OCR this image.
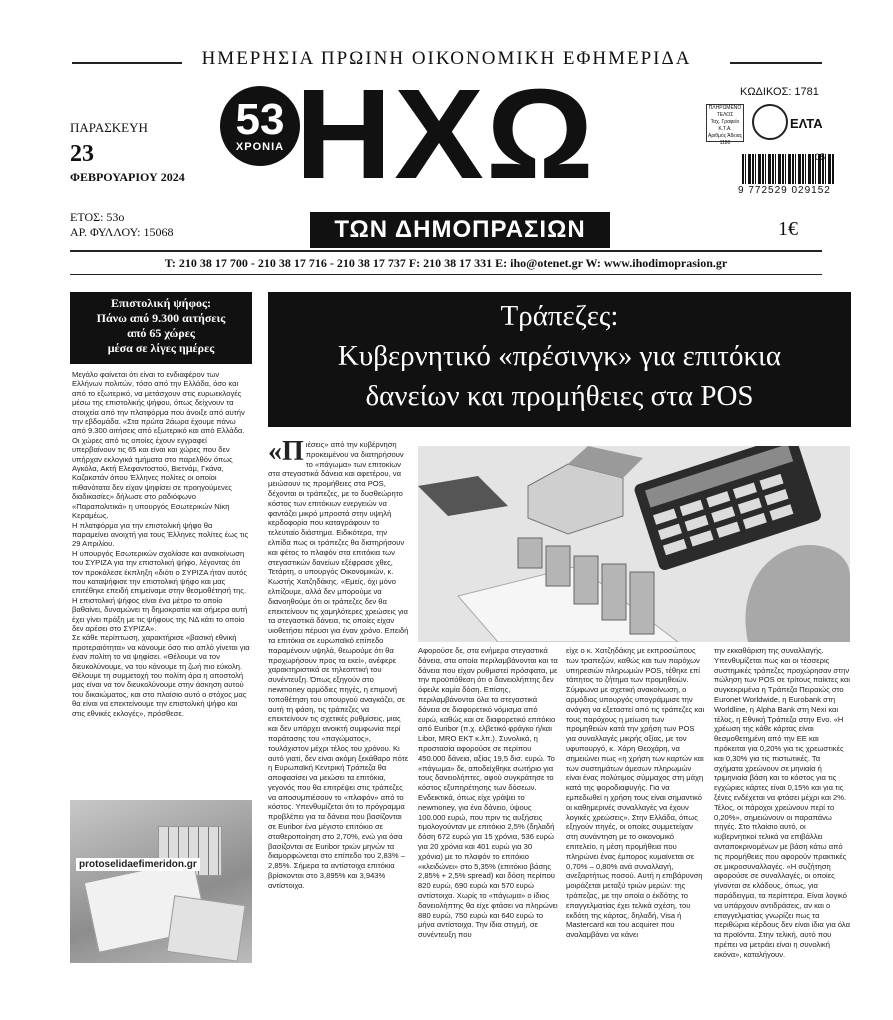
ΗΜΕΡΗΣΙΑ ΠΡΩΙΝΗ ΟΙΚΟΝΟΜΙΚΗ ΕΦΗΜΕΡΙΔΑ
ΠΑΡΑΣΚΕΥΗ
23
ΦΕΒΡΟΥΑΡΙΟΥ 2024
ΕΤΟΣ: 53ο
ΑΡ. ΦΥΛΛΟΥ: 15068
53
ΧΡΟΝΙΑ ΗΧΩ
ΤΩΝ ΔΗΜΟΠΡΑΣΙΩΝ
ΚΩΔΙΚΟΣ: 1781
ΠΛΗΡΩΜΕΝΟ
ΤΕΛΟΣ
Ταχ. Γραφείο
Κ.Τ.Α.
Αριθμός Άδειας
1180
ΕΛΤΑ
9 772529 029152
05
1€
T: 210 38 17 700 - 210 38 17 716 - 210 38 17 737 F: 210 38 17 331 E: iho@otenet.gr W: www.ihodimoprasion.gr
Επιστολική ψήφος:
Πάνω από 9.300 αιτήσεις
από 65 χώρες
μέσα σε λίγες ημέρες

Μεγάλο φαίνεται ότι είναι το ενδιαφέρον των Ελλήνων πολιτών, τόσο από την Ελλάδα, όσο και από το εξωτερικό, να μετάσχουν στις ευρωεκλογές μέσω της επιστολικής ψήφου, όπως δείχνουν τα στοιχεία από την πλατφόρμα που άνοιξε από αυτήν την εβδομάδα. «Στα πρώτα 2άωρα έχουμε πάνω από 9.300 αιτήσεις από εξωτερικό και από Ελλάδα. Οι χώρες από τις οποίες έχουν εγγραφεί υπερβαίνουν τις 65 και είναι και χώρες που δεν υπήρχαν εκλογικά τμήματα στο παρελθόν όπως Αγκόλα, Ακτή Ελεφαντοστού, Βιετνάμ, Γκάνα, Καζακστάν όπου Έλληνες πολίτες οι οποίοι πιθανότατα δεν είχαν ψηφίσει σε προηγούμενες διαδικασίες» δήλωσε στο ραδιόφωνο «Παραπολιτικά» η υπουργός Εσωτερικών Νίκη Κεραμέως.

Η πλατφόρμα για την επιστολική ψήφο θα παραμείνει ανοιχτή για τους Έλληνες πολίτες έως τις 29 Απριλίου.

Η υπουργός Εσωτερικών σχολίασε και ανακοίνωση του ΣΥΡΙΖΑ για την επιστολική ψήφο, λέγοντας ότι τον προκάλεσε έκπληξη «διότι ο ΣΥΡΙΖΑ ήταν αυτός που καταψήφισε την επιστολική ψήφο και μας επιτέθηκε επειδή επιμείναμε στην θεσμοθέτησή της. Η επιστολική ψήφος είναι ένα μέτρο το οποίο βαθαίνει, δυναμώνει τη δημοκρατία και σήμερα αυτή έχει γίνει πράξη με τις ψήφους της ΝΔ κάτι το οποίο δεν αρέσει στο ΣΥΡΙΖΑ».

Σε κάθε περίπτωση, χαρακτήρισε «βασική εθνική προτεραιότητα» να κάνουμε όσο πιο απλό γίνεται για έναν πολίτη το να ψηφίσει. «Θέλουμε να τον διευκολύνουμε, να του κάνουμε τη ζωή πιο εύκολη. Θέλουμε τη συμμετοχή του πολίτη άρα η αποστολή μας είναι να τον διευκολύνουμε στην άσκηση αυτού του δικαιώματος, και στο πλαίσιο αυτό ο στόχος μας θα είναι να επεκτείνουμε την επιστολική ψήφο και στις εθνικές εκλογές», πρόσθεσε.

protoselidaefimeridon.gr
Τράπεζες:
Κυβερνητικό «πρέσινγκ» για επιτόκια
δανείων και προμήθειες στα POS
«Π ιέσεις» από την κυβέρνηση προκειμένου να διατηρήσουν το «πάγωμα» των επιτοκίων στα στεγαστικά δάνεια και αφετέρου, να μειώσουν τις προμήθειες στα POS, δέχονται οι τράπεζες, με το δυσθεώρητο κόστος των επιτόκιων ενεργειών να φαντάζει μικρό μπροστά στην υψηλή κερδοφορία που καταγράφουν το τελευταίο διάστημα. Ειδικότερα, την ελπίδα πως οι τράπεζες θα διατηρήσουν και φέτος το πλαφόν στα επιτόκια των στεγαστικών δανείων εξέφρασε χθες, Τετάρτη, ο υπουργός Οικονομικών, κ. Κωστής Χατζηδάκης. «Εμείς, όχι μόνο ελπίζουμε, αλλά δεν μπορούμε να διανοηθούμε ότι οι τράπεζες δεν θα επεκτείνουν τις χαμηλότερες χρεώσεις για τα στεγαστικά δάνεια, τις οποίες είχαν υιοθετήσει πέρυσι για έναν χρόνο. Επειδή τα επιτόκια σε ευρωπαϊκό επίπεδο παραμένουν υψηλά, θεωρούμε ότι θα προχωρήσουν προς τα εκεί», ανέφερε χαρακτηριστικά σε τηλεοπτική του συνέντευξη. Όπως εξηγούν στο newmoney αρμόδιες πηγές, η επιμονή τοποθέτηση του υπουργού αναγκάζει, σε αυτή τη φάση, τις τράπεζες να επεκτείνουν τις σχετικές ρυθμίσεις, μιας και δεν υπάρχει ανοικτή συμφωνία περί παράτασης του «παγώματος», τουλάχιστον μέχρι τέλος του χρόνου. Κι αυτό γιατί, δεν είναι ακόμη ξεκάθαρο πότε η Ευρωπαϊκή Κεντρική Τράπεζα θα αποφασίσει να μειώσει τα επιτόκια, γεγονός που θα επιτρέψει στις τράπεζες να αποσυμπιέσουν το «πλαφόν» από το κόστος. Υπενθυμίζεται ότι το πρόγραμμα προβλέπει για τα δάνεια που βασίζονται σε Euribor ένα μέγιστο επιτόκιο σε σταθεροποίηση στο 2,70%, ενώ για όσα βασίζονται σε Euribor τριών μηνών τα διαμορφώνεται στο επίπεδο του 2,83% – 2,85%. Σήμερα τα αντίστοιχα επιτόκια βρίσκονται στο 3,895% και 3,943% αντίστοιχα.
Αφορούσε δε, στα ενήμερα στεγαστικά δάνεια, στα οποία περιλαμβάνονται και τα δάνεια που είχαν ρυθμιστεί πρόσφατα, με την προϋπόθεση ότι ο δανειολήπτης δεν όφειλε καμία δόση. Επίσης, περιλαμβάνονται όλα τα στεγαστικά δάνεια σε διαφορετικό νόμισμα από ευρώ, καθώς και σε διαφορετικό επιτόκιο από Euribor (π.χ. ελβετικό φράγκο ή/και Libor, MRO ΕΚΤ κ.λπ.). Συνολικά, η προστασία αφορούσε σε περίπου 450.000 δάνεια, αξίας 19,5 δισ. ευρώ. Το «πάγωμα» δε, αποδείχθηκε σωτήριο για τους δανειολήπτες, αφού συγκράτησε το κόστος εξυπηρέτησης των δόσεων. Ενδεικτικά, όπως είχε γράψει το newmoney, για ένα δάνειο, ύψους 100.000 ευρώ, που πριν τις αυξήσεις τιμολογούνταν με επιτόκιο 2,5% (δηλαδή δόση 672 ευρώ για 15 χρόνια, 536 ευρώ για 20 χρόνια και 401 ευρώ για 30 χρόνια) με το πλαφόν το επιτόκιο «κλειδώνει» στο 5,35% (επιτόκιο βάσης 2,85% + 2,5% spread) και δόση περίπου 820 ευρώ, 690 ευρώ και 570 ευρώ αντίστοιχα. Χωρίς το «πάγωμα» ο ίδιος δανειολήπτης θα είχε φτάσει να πληρώνει 880 ευρώ, 750 ευρώ και 640 ευρώ το μήνα αντίστοιχα. Την ίδια στιγμή, σε συνέντευξη που
είχε ο κ. Χατζηδάκης με εκπροσώπους των τραπεζών, καθώς και των παρόχων υπηρεσιών πληρωμών POS, τέθηκε επί τάπητος το ζήτημα των προμηθειών. Σύμφωνα με σχετική ανακοίνωση, ο αρμόδιος υπουργός υπογράμμισε την ανάγκη να εξεταστεί από τις τράπεζες και τους παρόχους η μείωση των προμηθειών κατά την χρήση των POS για συναλλαγές μικρής αξίας, με τον υφυπουργό, κ. Χάρη Θεοχάρη, να σημειώνει πως «η χρήση των καρτών και των συστημάτων άμεσων πληρωμών είναι ένας πολύτιμος σύμμαχος στη μάχη κατά της φοροδιαφυγής. Για να εμπεδωθεί η χρήση τους είναι σημαντικό οι καθημερινές συναλλαγές να έχουν λογικές χρεώσεις». Στην Ελλάδα, όπως εξηγούν πηγές, οι οποίες συμμετείχαν στη συνάντηση με το οικονομικό επιτελείο, η μέση προμήθεια που πληρώνει ένας έμπορος κυμαίνεται σε 0,70% – 0,80% ανά συναλλαγή, ανεξαρτήτως ποσού. Αυτή η επιβάρυνση μοιράζεται μεταξύ τριών μερών: της τράπεζας, με την οποία ο έκδότης το επαγγελματίας έχει τελικά σχέση, του εκδότη της κάρτας, δηλαδή, Visa ή Mastercard και του acquirer που αναλαμβάνει να κάνει
την εκκαθάριση της συναλλαγής. Υπενθυμίζεται πως και οι τέσσερις συστημικές τράπεζες προχώρησαν στην πώληση των POS σε τρίτους παίκτες και συγκεκριμένα η Τράπεζα Πειραιώς στο Euronet Worldwide, η Eurobank στη Worldline, η Alpha Bank στη Nexi και τέλος, η Εθνική Τράπεζα στην Evo. «Η χρέωση της κάθε κάρτας είναι θεσμοθετημένη από την ΕΕ και πρόκειται για 0,20% για τις χρεωστικές και 0,30% για τις πιστωτικές. Τα σχήματα χρεώνουν σε μηνιαία ή τριμηνιαία βάση και το κόστος για τις εγχώριες κάρτες είναι 0,15% και για τις ξένες ενδέχεται να φτάσει μέχρι και 2%. Τέλος, οι πάροχοι χρεώνουν περί το 0,20%», σημειώνουν οι παραπάνω πηγές. Στο πλαίσιο αυτό, οι κυβερνητικοί τελικά να επιβάλλει ανταποκρινομένων με βάση κάτω από τις προμήθειες που αφορούν πρακτικές σε μικροσυναλλαγές. «Η συζήτηση αφορούσε σε συναλλαγές, οι οποίες γίνονται σε κλάδους, όπως, για παράδειγμα, τα περίπτερα. Είναι λογικό να υπάρχουν αντιδράσεις, αν και ο επαγγελματίας γνωρίζει πως τα περιθώρια κέρδους δεν είναι ίδια για όλα τα προϊόντα. Στην τελική, αυτό που πρέπει να μετράει είναι η συνολική εικόνα», καταλήγουν.
